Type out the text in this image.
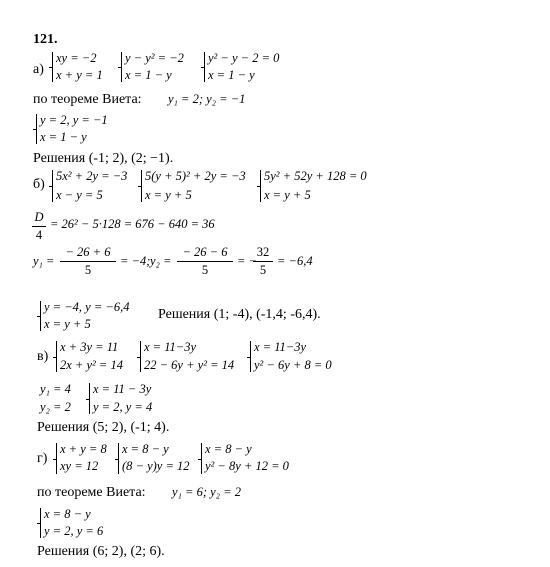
121.
а)
xy = −2
x + y = 1
y − y² = −2
x = 1 − y
y² − y − 2 = 0
x = 1 − y
по теореме Виета: y₁ = 2; y₂ = −1
y = 2, y = −1
x = 1 − y
Решения (-1; 2), (2; −1).
б)
5x² + 2y = −3
x − y = 5
5(y + 5)² + 2y = −3
x = y + 5
5y² + 52y + 128 = 0
x = y + 5
$\frac{D}{4} = 26^2 - 5\cdot 128 = 676 - 640 = 36$
$y_1 = \frac{- 26 + 6}{5} = -4$; $y_2 = \frac{- 26 - 6}{5}$ = −
$\frac{32}{5} = -6,4$
y = −4, y = −6,4
x = y + 5
Решения (1; -4), (-1,4; -6,4).
в)
x + 3y = 11
2x + y² = 14
x = 11−3y
22 − 6y + y² = 14
x = 11−3y
y² − 6y + 8 = 0
y₁ = 4
y₂ = 2
x = 11 − 3y
y = 2, y = 4
Решения (5; 2), (-1; 4).
г)
x + y = 8
xy = 12
x = 8 − y
(8 − y)y = 12
x = 8 − y
y² − 8y + 12 = 0
по теореме Виета: y₁ = 6; y₂ = 2
x = 8 − y
y = 2, y = 6
Решения (6; 2), (2; 6).
